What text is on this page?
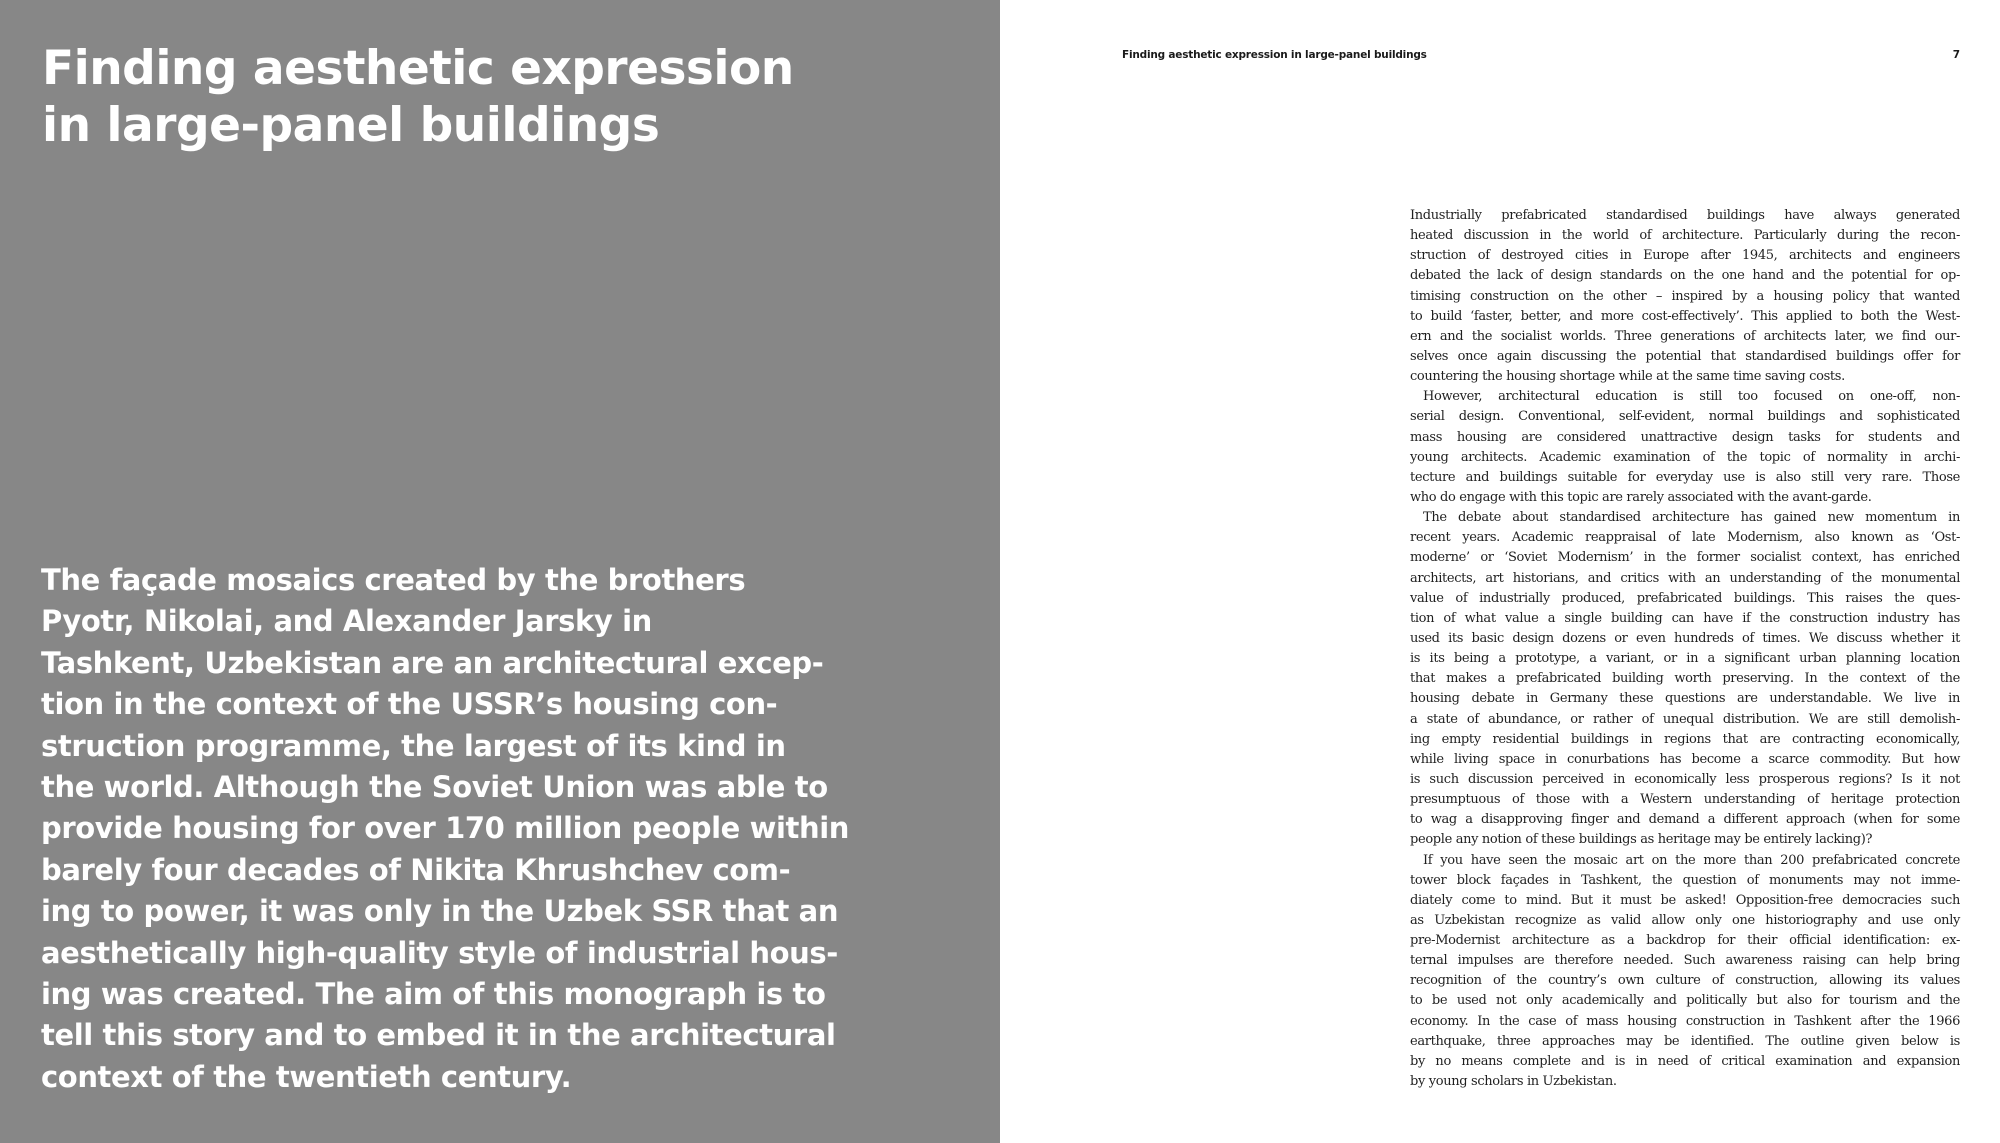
Finding aesthetic expression
in large-panel buildings
The façade mosaics created by the brothers
Pyotr, Nikolai, and Alexander Jarsky in
Tashkent, Uzbekistan are an architectural excep-
tion in the context of the USSR’s housing con-
struction programme, the largest of its kind in
the world. Although the Soviet Union was able to
provide housing for over 170 million people within
barely four decades of Nikita Khrushchev com-
ing to power, it was only in the Uzbek SSR that an
aesthetically high-quality style of industrial hous-
ing was created. The aim of this monograph is to
tell this story and to embed it in the architectural
context of the twentieth century.
Finding aesthetic expression in large-panel buildings	7
Industrially prefabricated standardised buildings have always generated
heated discussion in the world of architecture. Particularly during the recon-
struction of destroyed cities in Europe after 1945, architects and engineers
debated the lack of design standards on the one hand and the potential for op-
timising construction on the other – inspired by a housing policy that wanted
to build ‘faster, better, and more cost-effectively’. This applied to both the West-
ern and the socialist worlds. Three generations of architects later, we find our-
selves once again discussing the potential that standardised buildings offer for
countering the housing shortage while at the same time saving costs.
However, architectural education is still too focused on one-off, non-
serial design. Conventional, self-evident, normal buildings and sophisticated
mass housing are considered unattractive design tasks for students and
young architects. Academic examination of the topic of normality in archi-
tecture and buildings suitable for everyday use is also still very rare. Those
who do engage with this topic are rarely associated with the avant-garde.
The debate about standardised architecture has gained new momentum in
recent years. Academic reappraisal of late Modernism, also known as ‘Ost-
moderne’ or ‘Soviet Modernism’ in the former socialist context, has enriched
architects, art historians, and critics with an understanding of the monumental
value of industrially produced, prefabricated buildings. This raises the ques-
tion of what value a single building can have if the construction industry has
used its basic design dozens or even hundreds of times. We discuss whether it
is its being a prototype, a variant, or in a significant urban planning location
that makes a prefabricated building worth preserving. In the context of the
housing debate in Germany these questions are understandable. We live in
a state of abundance, or rather of unequal distribution. We are still demolish-
ing empty residential buildings in regions that are contracting economically,
while living space in conurbations has become a scarce commodity. But how
is such discussion perceived in economically less prosperous regions? Is it not
presumptuous of those with a Western understanding of heritage protection
to wag a disapproving finger and demand a different approach (when for some
people any notion of these buildings as heritage may be entirely lacking)?
If you have seen the mosaic art on the more than 200 prefabricated concrete
tower block façades in Tashkent, the question of monuments may not imme-
diately come to mind. But it must be asked! Opposition-free democracies such
as Uzbekistan recognize as valid allow only one historiography and use only
pre-Modernist architecture as a backdrop for their official identification: ex-
ternal impulses are therefore needed. Such awareness raising can help bring
recognition of the country’s own culture of construction, allowing its values
to be used not only academically and politically but also for tourism and the
economy. In the case of mass housing construction in Tashkent after the 1966
earthquake, three approaches may be identified. The outline given below is
by no means complete and is in need of critical examination and expansion
by young scholars in Uzbekistan.
